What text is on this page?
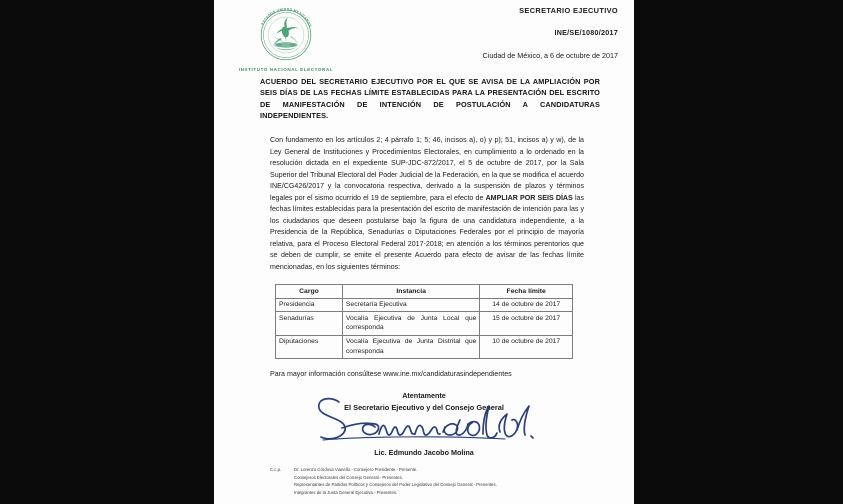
ESTADOS UNIDOS MEXICANOS
INSTITUTO NACIONAL ELECTORAL
SECRETARIO EJECUTIVO
INE/SE/1080/2017
Ciudad de México, a 6 de octubre de 2017
ACUERDO DEL SECRETARIO EJECUTIVO POR EL QUE SE AVISA DE LA AMPLIACIÓN POR SEIS DÍAS DE LAS FECHAS LÍMITE ESTABLECIDAS PARA LA PRESENTACIÓN DEL ESCRITO DE MANIFESTACIÓN DE INTENCIÓN DE POSTULACIÓN A CANDIDATURAS INDEPENDIENTES.

Con fundamento en los artículos 2; 4 párrafo 1; 5; 46, incisos a), o) y p); 51, incisos a) y w), de la Ley General de Instituciones y Procedimientos Electorales, en cumplimiento a lo ordenado en la resolución dictada en el expediente SUP-JDC-872/2017, el 5 de octubre de 2017, por la Sala Superior del Tribunal Electoral del Poder Judicial de la Federación, en la que se modifica el acuerdo INE/CG426/2017 y la convocatoria respectiva, derivado a la suspensión de plazos y términos legales por el sismo ocurrido el 19 de septiembre, para el efecto de AMPLIAR POR SEIS DÍAS las fechas límites establecidas para la presentación del escrito de manifestación de intención para las y los ciudadanos que deseen postularse bajo la figura de una candidatura independiente, a la Presidencia de la República, Senadurías o Diputaciones Federales por el principio de mayoría relativa, para el Proceso Electoral Federal 2017-2018; en atención a los términos perentorios que se deben de cumplir, se emite el presente Acuerdo para efecto de avisar de las fechas límite mencionadas, en los siguientes términos:

Cargo	Instancia	Fecha límite
Presidencia	Secretaría Ejecutiva	14 de octubre de 2017
Senadurías	Vocalía Ejecutiva de Junta Local que corresponda	15 de octubre de 2017
Diputaciones	Vocalía Ejecutiva de Junta Distrital que corresponda	10 de octubre de 2017
Para mayor información consúltese www.ine.mx/candidaturasindependientes
Atentamente
El Secretario Ejecutivo y del Consejo General
Lic. Edmundo Jacobo Molina
C.c.p.	Dr. Lorenzo Córdova Vianello.- Consejero Presidente.- Presente.
Consejeros Electorales del Consejo General.- Presentes.
Representantes de Partidos Políticos y Consejeros del Poder Legislativo del Consejo General.- Presentes.
Integrantes de la Junta General Ejecutiva.- Presentes.
